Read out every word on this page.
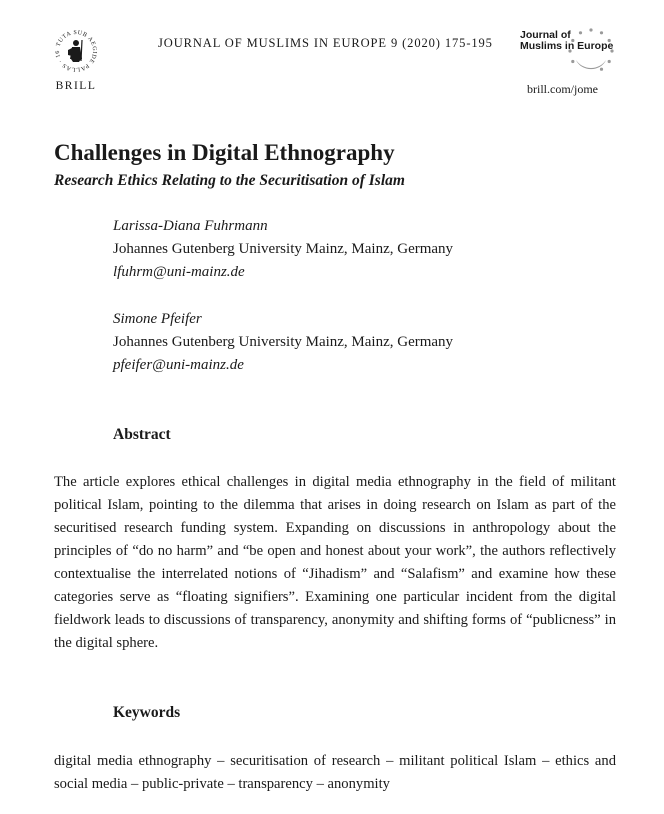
TUTA SUB AEGIDE PALLAS · 16
BRILL
JOURNAL OF MUSLIMS IN EUROPE 9 (2020) 175-195
Journal of
Muslims in Europe
brill.com/jome
Challenges in Digital Ethnography
Research Ethics Relating to the Securitisation of Islam
Larissa-Diana Fuhrmann
Johannes Gutenberg University Mainz, Mainz, Germany
lfuhrm@uni-mainz.de
Simone Pfeifer
Johannes Gutenberg University Mainz, Mainz, Germany
pfeifer@uni-mainz.de
Abstract

The article explores ethical challenges in digital media ethnography in the field of militant political Islam, pointing to the dilemma that arises in doing research on Islam as part of the securitised research funding system. Expanding on discussions in anthropology about the principles of “do no harm” and “be open and honest about your work”, the authors reflectively contextualise the interrelated notions of “Jihadism” and “Salafism” and examine how these categories serve as “floating signifiers”. Examining one particular incident from the digital fieldwork leads to discussions of transparency, anonymity and shifting forms of “publicness” in the digital sphere.

Keywords

digital media ethnography – securitisation of research – militant political Islam – ethics and social media – public-private – transparency – anonymity
